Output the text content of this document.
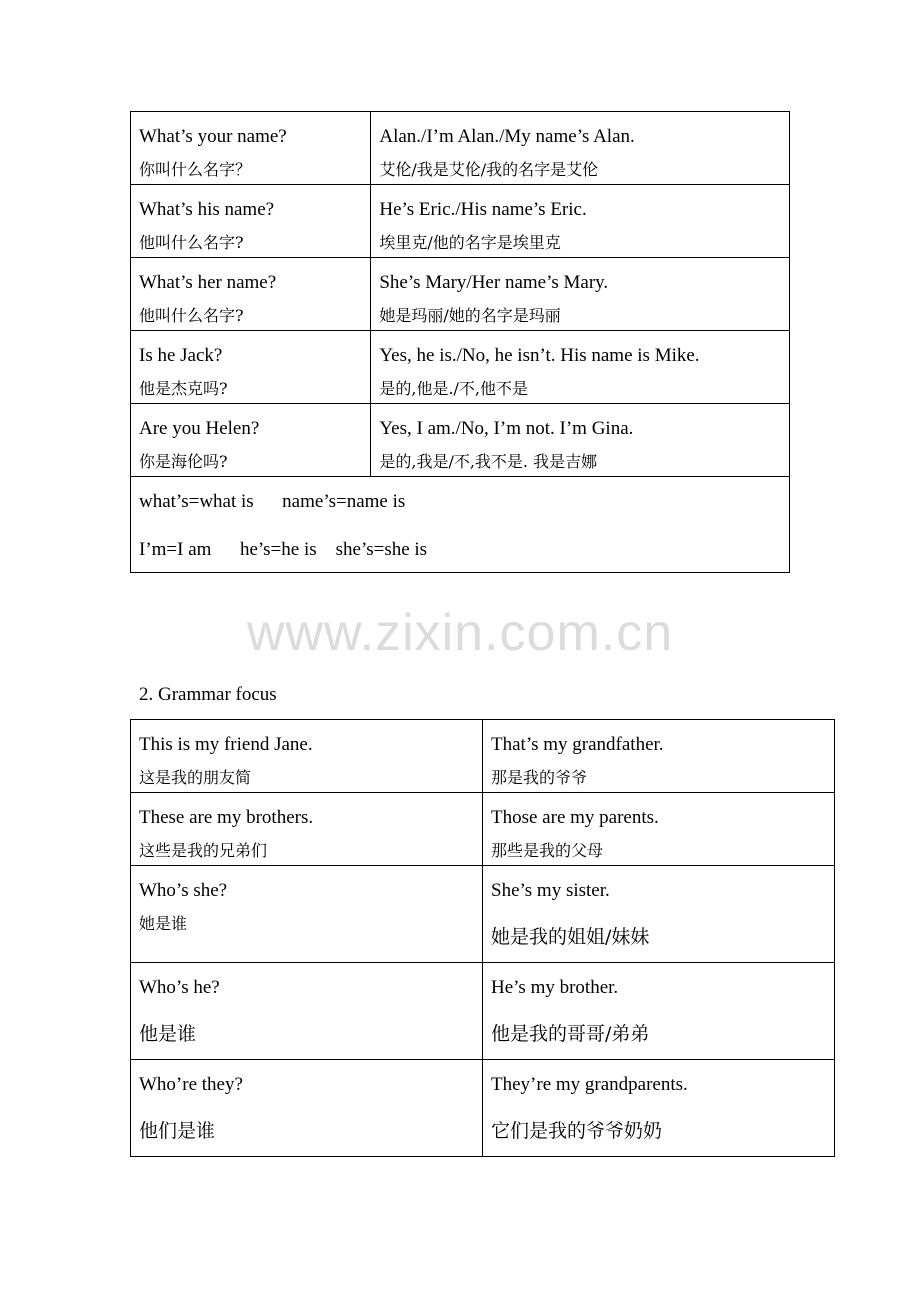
What’s your name?
你叫什么名字？	Alan./I’m Alan./My name’s Alan.
艾伦/我是艾伦/我的名字是艾伦

What’s his name?
他叫什么名字?	He’s Eric./His name’s Eric.
埃里克/他的名字是埃里克

What’s her name?
他叫什么名字?	She’s Mary/Her name’s Mary.
她是玛丽/她的名字是玛丽

Is he Jack?
他是杰克吗?	Yes, he is./No, he isn’t. His name is Mike.
是的,他是./不,他不是

Are you Helen?
你是海伦吗?	Yes, I am./No, I’m not. I’m Gina.
是的,我是/不,我不是. 我是吉娜

what’s=what is      name’s=name is
I’m=I am      he’s=he is    she’s=she is	
www.zixin.com.cn
2. Grammar focus
This is my friend Jane.
这是我的朋友简	That’s my grandfather.
那是我的爷爷

These are my brothers.
这些是我的兄弟们	Those are my parents.
那些是我的父母

Who’s she?
她是谁	She’s my sister.
她是我的姐姐/妹妹

Who’s he?
他是谁	He’s my brother.
他是我的哥哥/弟弟

Who’re they?
他们是谁	They’re my grandparents.
它们是我的爷爷奶奶
